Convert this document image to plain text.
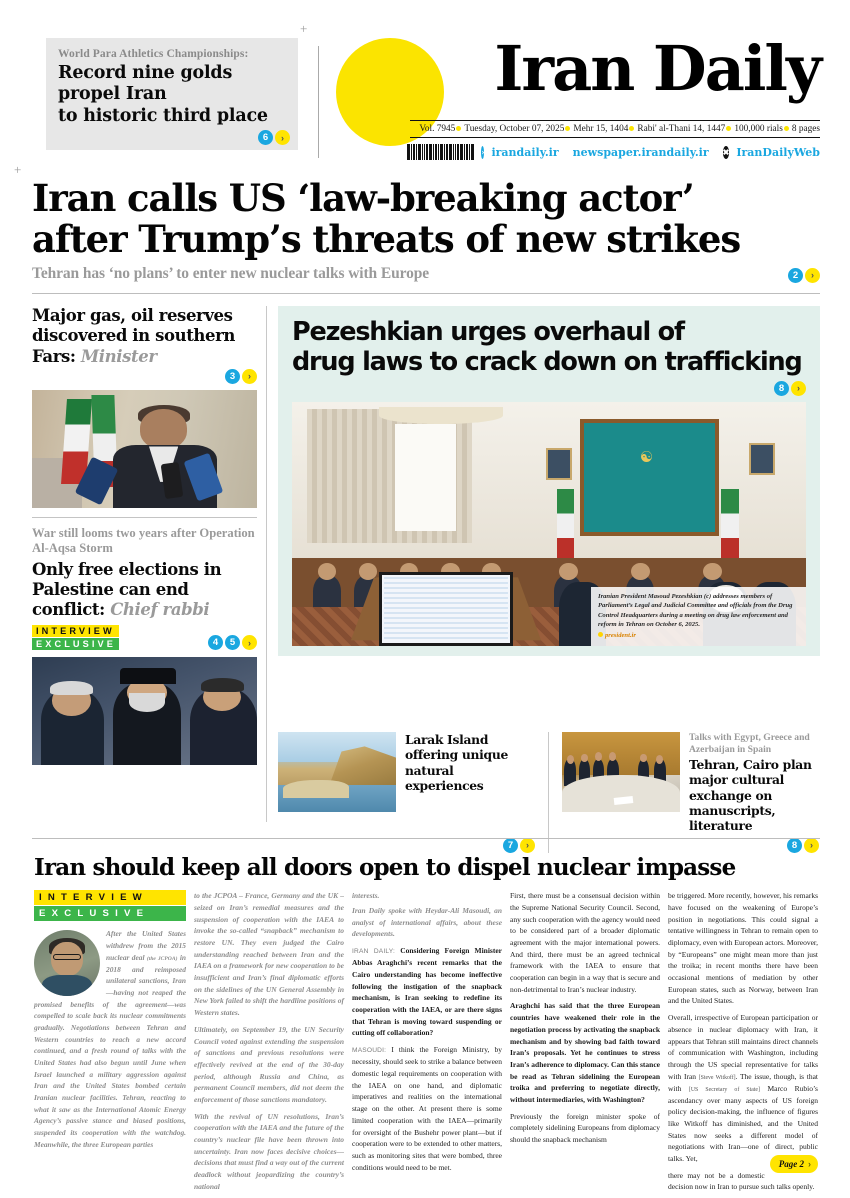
+
+
World Para Athletics Championships:
Record nine golds
propel Iran
to historic third place
6	›
Iran Daily
Vol. 7945 Tuesday, October 07, 2025 Mehr 15, 1404 Rabi' al-Thani 14, 1447 100,000 rials 8 pages
› irandaily.ir newspaper.irandaily.ir ✖ IranDailyWeb
Iran calls US ‘law-breaking actor’
after Trump’s threats of new strikes
Tehran has ‘no plans’ to enter new nuclear talks with Europe	2	›
Major gas, oil reserves discovered in southern Fars: Minister
3	›
War still looms two years after Operation Al-Aqsa Storm
Only free elections in Palestine can end conflict: Chief rabbi
INTERVIEW
EXCLUSIVE	4	5	›
Pezeshkian urges overhaul of
drug laws to crack down on trafficking
8	›
☯
Iranian President Masoud Pezeshkian (c) addresses members of Parliament’s Legal and Judicial Committee and officials from the Drug Control Headquarters during a meeting on drug law enforcement and reform in Tehran on October 6, 2025.
president.ir
Larak Island offering unique natural experiences
7	›
Talks with Egypt, Greece and Azerbaijan in Spain
Tehran, Cairo plan major cultural exchange on manuscripts, literature
8	›
Iran should keep all doors open to dispel nuclear impasse
INTERVIEW
EXCLUSIVE
After the United States withdrew from the 2015 nuclear deal (the JCPOA) in 2018 and reimposed unilateral sanctions, Iran—having not reaped the promised benefits of the agreement—was compelled to scale back its nuclear commitments gradually. Negotiations between Tehran and Western countries to reach a new accord continued, and a fresh round of talks with the United States had also begun until June when Israel launched a military aggression against Iran and the United States bombed certain Iranian nuclear facilities. Tehran, reacting to what it saw as the International Atomic Energy Agency’s passive stance and biased positions, suspended its cooperation with the watchdog. Meanwhile, the three European parties

to the JCPOA – France, Germany and the UK – seized on Iran’s remedial measures and the suspension of cooperation with the IAEA to invoke the so-called “snapback” mechanism to restore UN. They even judged the Cairo understanding reached between Iran and the IAEA on a framework for new cooperation to be insufficient and Iran’s final diplomatic efforts on the sidelines of the UN General Assembly in New York failed to shift the hardline positions of Western states.

Ultimately, on September 19, the UN Security Council voted against extending the suspension of sanctions and previous resolutions were effectively revived at the end of the 30-day period, although Russia and China, as permanent Council members, did not deem the enforcement of those sanctions mandatory.

With the revival of UN resolutions, Iran’s cooperation with the IAEA and the future of the country’s nuclear file have been thrown into uncertainty. Iran now faces decisive choices—decisions that must find a way out of the current deadlock without jeopardizing the country’s national

interests.

Iran Daily spoke with Heydar-Ali Masoudi, an analyst of international affairs, about these developments.

IRAN DAILY: Considering Foreign Minister Abbas Araghchi’s recent remarks that the Cairo understanding has become ineffective following the instigation of the snapback mechanism, is Iran seeking to redefine its cooperation with the IAEA, or are there signs that Tehran is moving toward suspending or cutting off collaboration?

MASOUDI: I think the Foreign Ministry, by necessity, should seek to strike a balance between domestic legal requirements on cooperation with the IAEA on one hand, and diplomatic imperatives and realities on the international stage on the other. At present there is some limited cooperation with the IAEA—primarily for oversight of the Bushehr power plant—but if cooperation were to be extended to other matters, such as monitoring sites that were bombed, three conditions would need to be met.

First, there must be a consensual decision within the Supreme National Security Council. Second, any such cooperation with the agency would need to be considered part of a broader diplomatic agreement with the major international powers. And third, there must be an agreed technical framework with the IAEA to ensure that cooperation can begin in a way that is secure and non-detrimental to Iran’s nuclear industry.

Araghchi has said that the three European countries have weakened their role in the negotiation process by activating the snapback mechanism and by showing bad faith toward Iran’s proposals. Yet he continues to stress Iran’s adherence to diplomacy. Can this stance be read as Tehran sidelining the European troika and preferring to negotiate directly, without intermediaries, with Washington?

Previously the foreign minister spoke of completely sidelining Europeans from diplomacy should the snapback mechanism

be triggered. More recently, however, his remarks have focused on the weakening of Europe’s position in negotiations. This could signal a tentative willingness in Tehran to remain open to diplomacy, even with European actors. Moreover, by “Europeans” one might mean more than just the troika; in recent months there have been occasional mentions of mediation by other European states, such as Norway, between Iran and the United States.

Overall, irrespective of European participation or absence in nuclear diplomacy with Iran, it appears that Tehran still maintains direct channels of communication with Washington, including through the US special representative for talks with Iran [Steve Witkoff]. The issue, though, is that with [US Secretary of State] Marco Rubio’s ascendancy over many aspects of US foreign policy decision-making, the influence of figures like Witkoff has diminished, and the United States now seeks a different model of negotiations with Iran—one of direct, public talks. Yet,
Page 2 ›

there may not be a domestic decision now in Iran to pursue such talks openly.
